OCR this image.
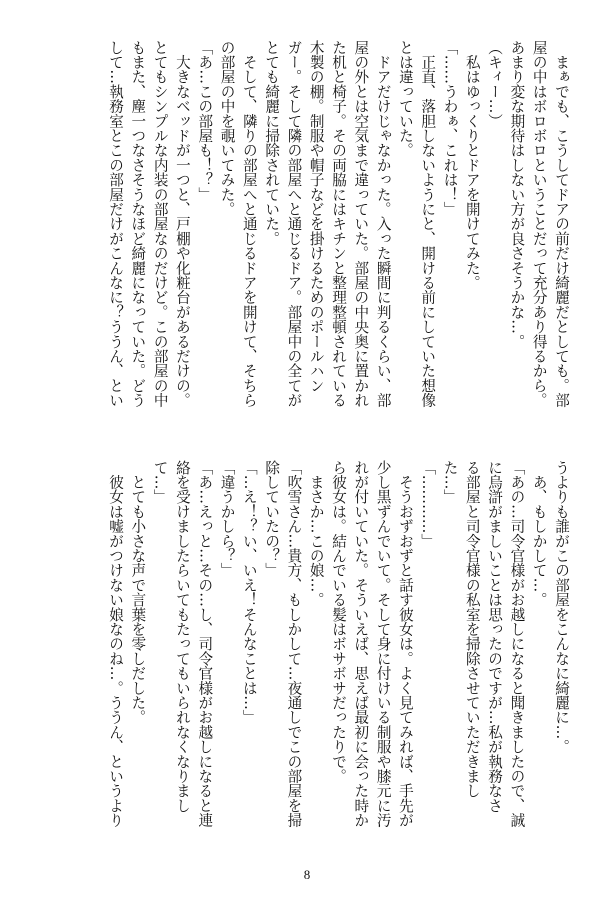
　まぁでも、こうしてドアの前だけ綺麗だとしても。部
屋の中はボロボロということだって充分あり得るから。
あまり変な期待はしない方が良さそうかな…。
（キィー…）
　私はゆっくりとドアを開けてみた。
「……うわぁ、これは！」
　正直、落胆しないようにと、開ける前にしていた想像
とは違っていた。
　ドアだけじゃなかった。入った瞬間に判るくらい、部
屋の外とは空気まで違っていた。部屋の中央奥に置かれ
た机と椅子。その両脇にはキチンと整理整頓されている
木製の棚。制服や帽子などを掛けるためのポールハン
ガー。そして隣の部屋へと通じるドア。部屋中の全てが
とても綺麗に掃除されていた。
　そして、隣りの部屋へと通じるドアを開けて、そちら
の部屋の中を覗いてみた。
「あ…この部屋も！？」
　大きなベッドが一つと、戸棚や化粧台があるだけの。
とてもシンプルな内装の部屋なのだけど。この部屋の中
もまた、塵一つなさそうなほど綺麗になっていた。どう
して…執務室とこの部屋だけがこんなに？ううん、とい
うよりも誰がこの部屋をこんなに綺麗に…。
　あ、もしかして…。
「あの…司令官様がお越しになると聞きましたので、誠
に烏滸がましいことは思ったのですが…私が執務なさ
る部屋と司令官様の私室を掃除させていただきまし
た…」
「…………」
　そうおずおずと話す彼女は。よく見てみれば、手先が
少し黒ずんでいて。そして身に付けいる制服や膝元に汚
れが付いていた。そういえば、思えば最初に会った時か
ら彼女は。結んでいる髪はボサボサだったりで。
　まさか…この娘…。
「吹雪さん…貴方、もしかして…夜通しでこの部屋を掃
除していたの？」
「…え！？い、いえ！そんなことは…」
「違うかしら？」
「あ…えっと…その…し、司令官様がお越しになると連
絡を受けましたらいてもたってもいられなくなりまし
て…」
　とても小さな声で言葉を零しだした。
　彼女は嘘がつけない娘なのね…。ううん、というより
8
